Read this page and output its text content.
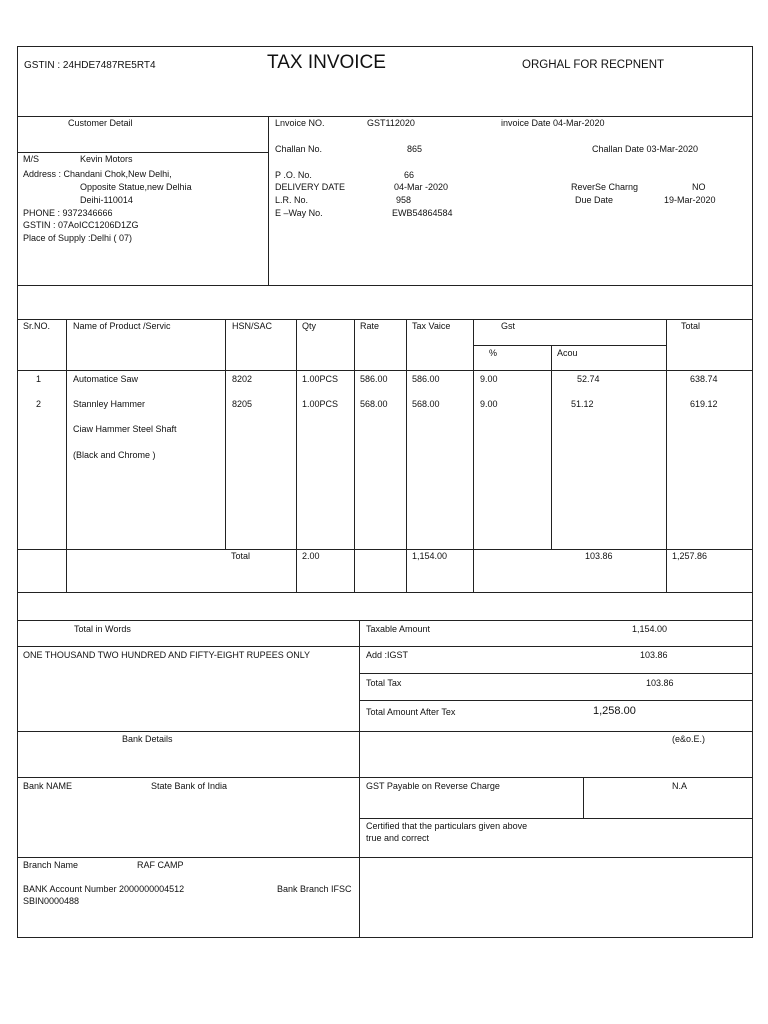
GSTIN : 24HDE7487RE5RT4	TAX INVOICE	ORGHAL FOR RECPNENT
Customer Detail
M/S	Kevin Motors
Address : Chandani Chok,New Delhi,
Opposite Statue,new Delhia
Deihi-110014
PHONE : 9372346666
GSTIN : 07AoICC1206D1ZG
Place of Supply :Delhi ( 07)
Lnvoice NO.	GST112020	invoice Date 04-Mar-2020
Challan No.	865	Challan Date 03-Mar-2020
P .O. No.	66
DELIVERY DATE	04-Mar -2020	ReverSe Charng	NO
L.R. No.	958	Due Date	19-Mar-2020
E –Way No.	EWB54864584
Sr.NO.	Name of Product /Servic	HSN/SAC	Qty	Rate	Tax Vaice	Gst	Total
%	Acou
1	Automatice Saw	8202	1.00PCS 586.00	586.00	9.00	52.74	638.74
2	Stannley Hammer	8205	1.00PCS 568.00	568.00	9.00	51.12	619.12
Ciaw Hammer Steel Shaft
(Black and Chrome )
Total	2.00	1,154.00	103.86	1,257.86
Total in Words
ONE THOUSAND TWO HUNDRED AND FIFTY-EIGHT RUPEES ONLY
Taxable Amount	1,154.00
Add :IGST	103.86
Total Tax	103.86
Total Amount After Tex	1,258.00
(e&o.E.)
Bank Details
Bank NAME	State Bank of India
Branch Name	RAF CAMP
BANK Account Number 2000000004512	Bank Branch IFSC
SBIN0000488
GST Payable on Reverse Charge	N.A
Certified that the particulars given above
true and correct
